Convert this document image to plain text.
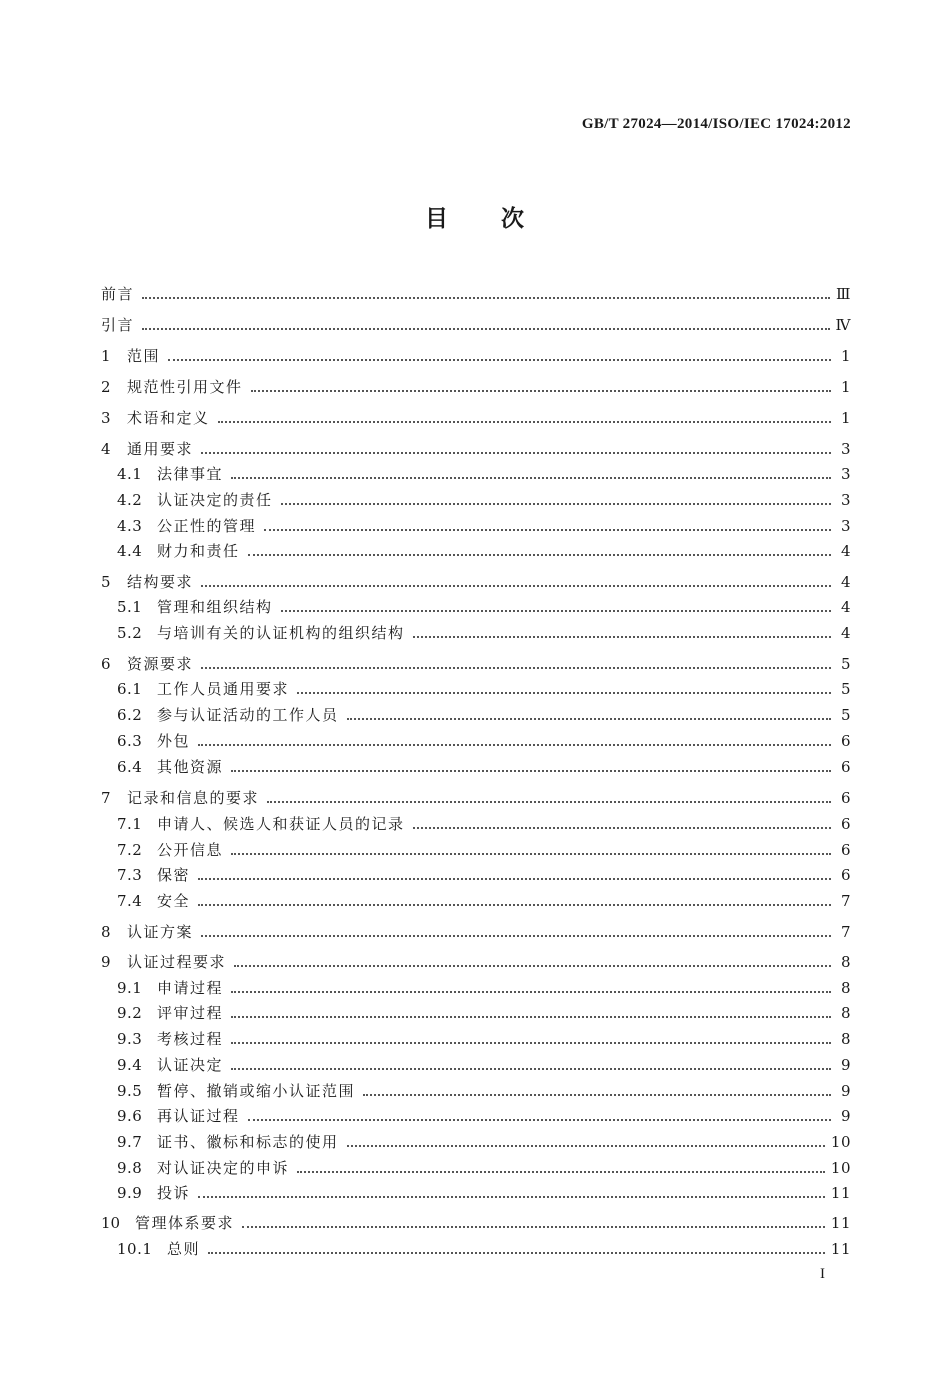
GB/T 27024—2014/ISO/IEC 17024:2012
目 次
前言	Ⅲ
引言	Ⅳ
1	范围	1
2	规范性引用文件	1
3	术语和定义	1
4	通用要求	3
4.1 法律事宜	3
4.2 认证决定的责任	3
4.3 公正性的管理	3
4.4 财力和责任	4
5	结构要求	4
5.1 管理和组织结构	4
5.2 与培训有关的认证机构的组织结构	4
6	资源要求	5
6.1 工作人员通用要求	5
6.2 参与认证活动的工作人员	5
6.3 外包	6
6.4 其他资源	6
7	记录和信息的要求	6
7.1 申请人、候选人和获证人员的记录	6
7.2 公开信息	6
7.3 保密	6
7.4 安全	7
8	认证方案	7
9	认证过程要求	8
9.1 申请过程	8
9.2 评审过程	8
9.3 考核过程	8
9.4 认证决定	9
9.5 暂停、撤销或缩小认证范围	9
9.6 再认证过程	9
9.7 证书、徽标和标志的使用	10
9.8 对认证决定的申诉	10
9.9 投诉	11
10 管理体系要求	11
10.1 总则	11
I
